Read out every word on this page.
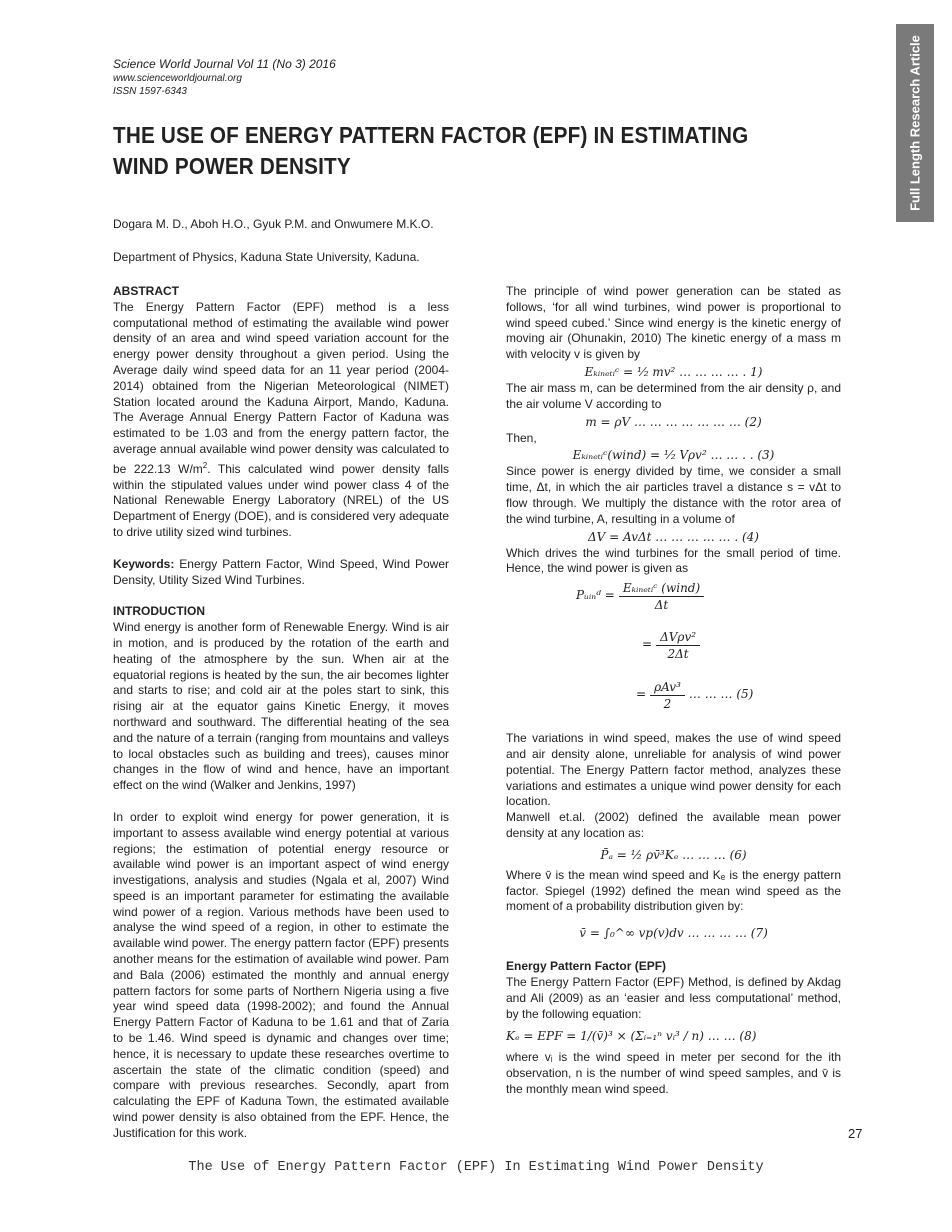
Full Length Research Article

Science World Journal Vol 11 (No 3) 2016

www.scienceworldjournal.org

ISSN 1597-6343

THE USE OF ENERGY PATTERN FACTOR (EPF) IN ESTIMATING
WIND POWER DENSITY

Dogara M. D., Aboh H.O., Gyuk P.M. and Onwumere M.K.O.

Department of Physics, Kaduna State University, Kaduna.

ABSTRACT

The Energy Pattern Factor (EPF) method is a less computational method of estimating the available wind power density of an area and wind speed variation account for the energy power density throughout a given period. Using the Average daily wind speed data for an 11 year period (2004-2014) obtained from the Nigerian Meteorological (NIMET) Station located around the Kaduna Airport, Mando, Kaduna. The Average Annual Energy Pattern Factor of Kaduna was estimated to be 1.03 and from the energy pattern factor, the average annual available wind power density was calculated to be 222.13 $W/m^2$. This calculated wind power density falls within the stipulated values under wind power class 4 of the National Renewable Energy Laboratory (NREL) of the US Department of Energy (DOE), and is considered very adequate to drive utility sized wind turbines.

Keywords: Energy Pattern Factor, Wind Speed, Wind Power Density, Utility Sized Wind Turbines.

INTRODUCTION

Wind energy is another form of Renewable Energy. Wind is air in motion, and is produced by the rotation of the earth and heating of the atmosphere by the sun. When air at the equatorial regions is heated by the sun, the air becomes lighter and starts to rise; and cold air at the poles start to sink, this rising air at the equator gains Kinetic Energy, it moves northward and southward. The differential heating of the sea and the nature of a terrain (ranging from mountains and valleys to local obstacles such as building and trees), causes minor changes in the flow of wind and hence, have an important effect on the wind (Walker and Jenkins, 1997)

In order to exploit wind energy for power generation, it is important to assess available wind energy potential at various regions; the estimation of potential energy resource or available wind power is an important aspect of wind energy investigations, analysis and studies (Ngala et al, 2007) Wind speed is an important parameter for estimating the available wind power of a region. Various methods have been used to analyse the wind speed of a region, in other to estimate the available wind power. The energy pattern factor (EPF) presents another means for the estimation of available wind power. Pam and Bala (2006) estimated the monthly and annual energy pattern factors for some parts of Northern Nigeria using a five year wind speed data (1998-2002); and found the Annual Energy Pattern Factor of Kaduna to be 1.61 and that of Zaria to be 1.46. Wind speed is dynamic and changes over time; hence, it is necessary to update these researches overtime to ascertain the state of the climatic condition (speed) and compare with previous researches. Secondly, apart from calculating the EPF of Kaduna Town, the estimated available wind power density is also obtained from the EPF. Hence, the Justification for this work.

The principle of wind power generation can be stated as follows, ‘for all wind turbines, wind power is proportional to wind speed cubed.’ Since wind energy is the kinetic energy of moving air (Ohunakin, 2010) The kinetic energy of a mass m with velocity v is given by

Eₖᵢₙₑₜᵢᶜ = ¹⁄₂ mv² … … … … . 1)

The air mass m, can be determined from the air density ρ, and the air volume V according to

m = ρV … … … … … … … (2)

Then,

Eₖᵢₙₑₜᵢᶜ(wind) = ¹⁄₂ Vρv² … … . . (3)

Since power is energy divided by time, we consider a small time, Δt, in which the air particles travel a distance s = vΔt to flow through. We multiply the distance with the rotor area of the wind turbine, A, resulting in a volume of

ΔV = AvΔt … … … … … . (4)

Which drives the wind turbines for the small period of time. Hence, the wind power is given as

Pᵤᵢₙᵈ = $\frac{\text{Eₖᵢₙₑₜᵢᶜ (wind)}}{\Delta t}$
= $\frac{\text{ΔVρv²}}{2\Delta t}$
= $\frac{\text{ρAv³}}{2}$ … … … (5)

The variations in wind speed, makes the use of wind speed and air density alone, unreliable for analysis of wind power potential. The Energy Pattern factor method, analyzes these variations and estimates a unique wind power density for each location.

Manwell et.al. (2002) defined the available mean power density at any location as:

P̄ₐ = ½ ρv̄³Kₑ … … … (6)

Where v̄ is the mean wind speed and Kₑ is the energy pattern factor. Spiegel (1992) defined the mean wind speed as the moment of a probability distribution given by:

v̄ = ∫₀^∞ vp(v)dv … … … … (7)
Energy Pattern Factor (EPF)

The Energy Pattern Factor (EPF) Method, is defined by Akdag and Ali (2009) as an ‘easier and less computational’ method, by the following equation:

Kₑ = EPF = 1/(v̄)³ × (Σᵢ₌₁ⁿ vᵢ³ / n) … … (8)

where vᵢ is the wind speed in meter per second for the ith observation, n is the number of wind speed samples, and v̄ is the monthly mean wind speed.

27
The Use of Energy Pattern Factor (EPF) In Estimating Wind Power Density
